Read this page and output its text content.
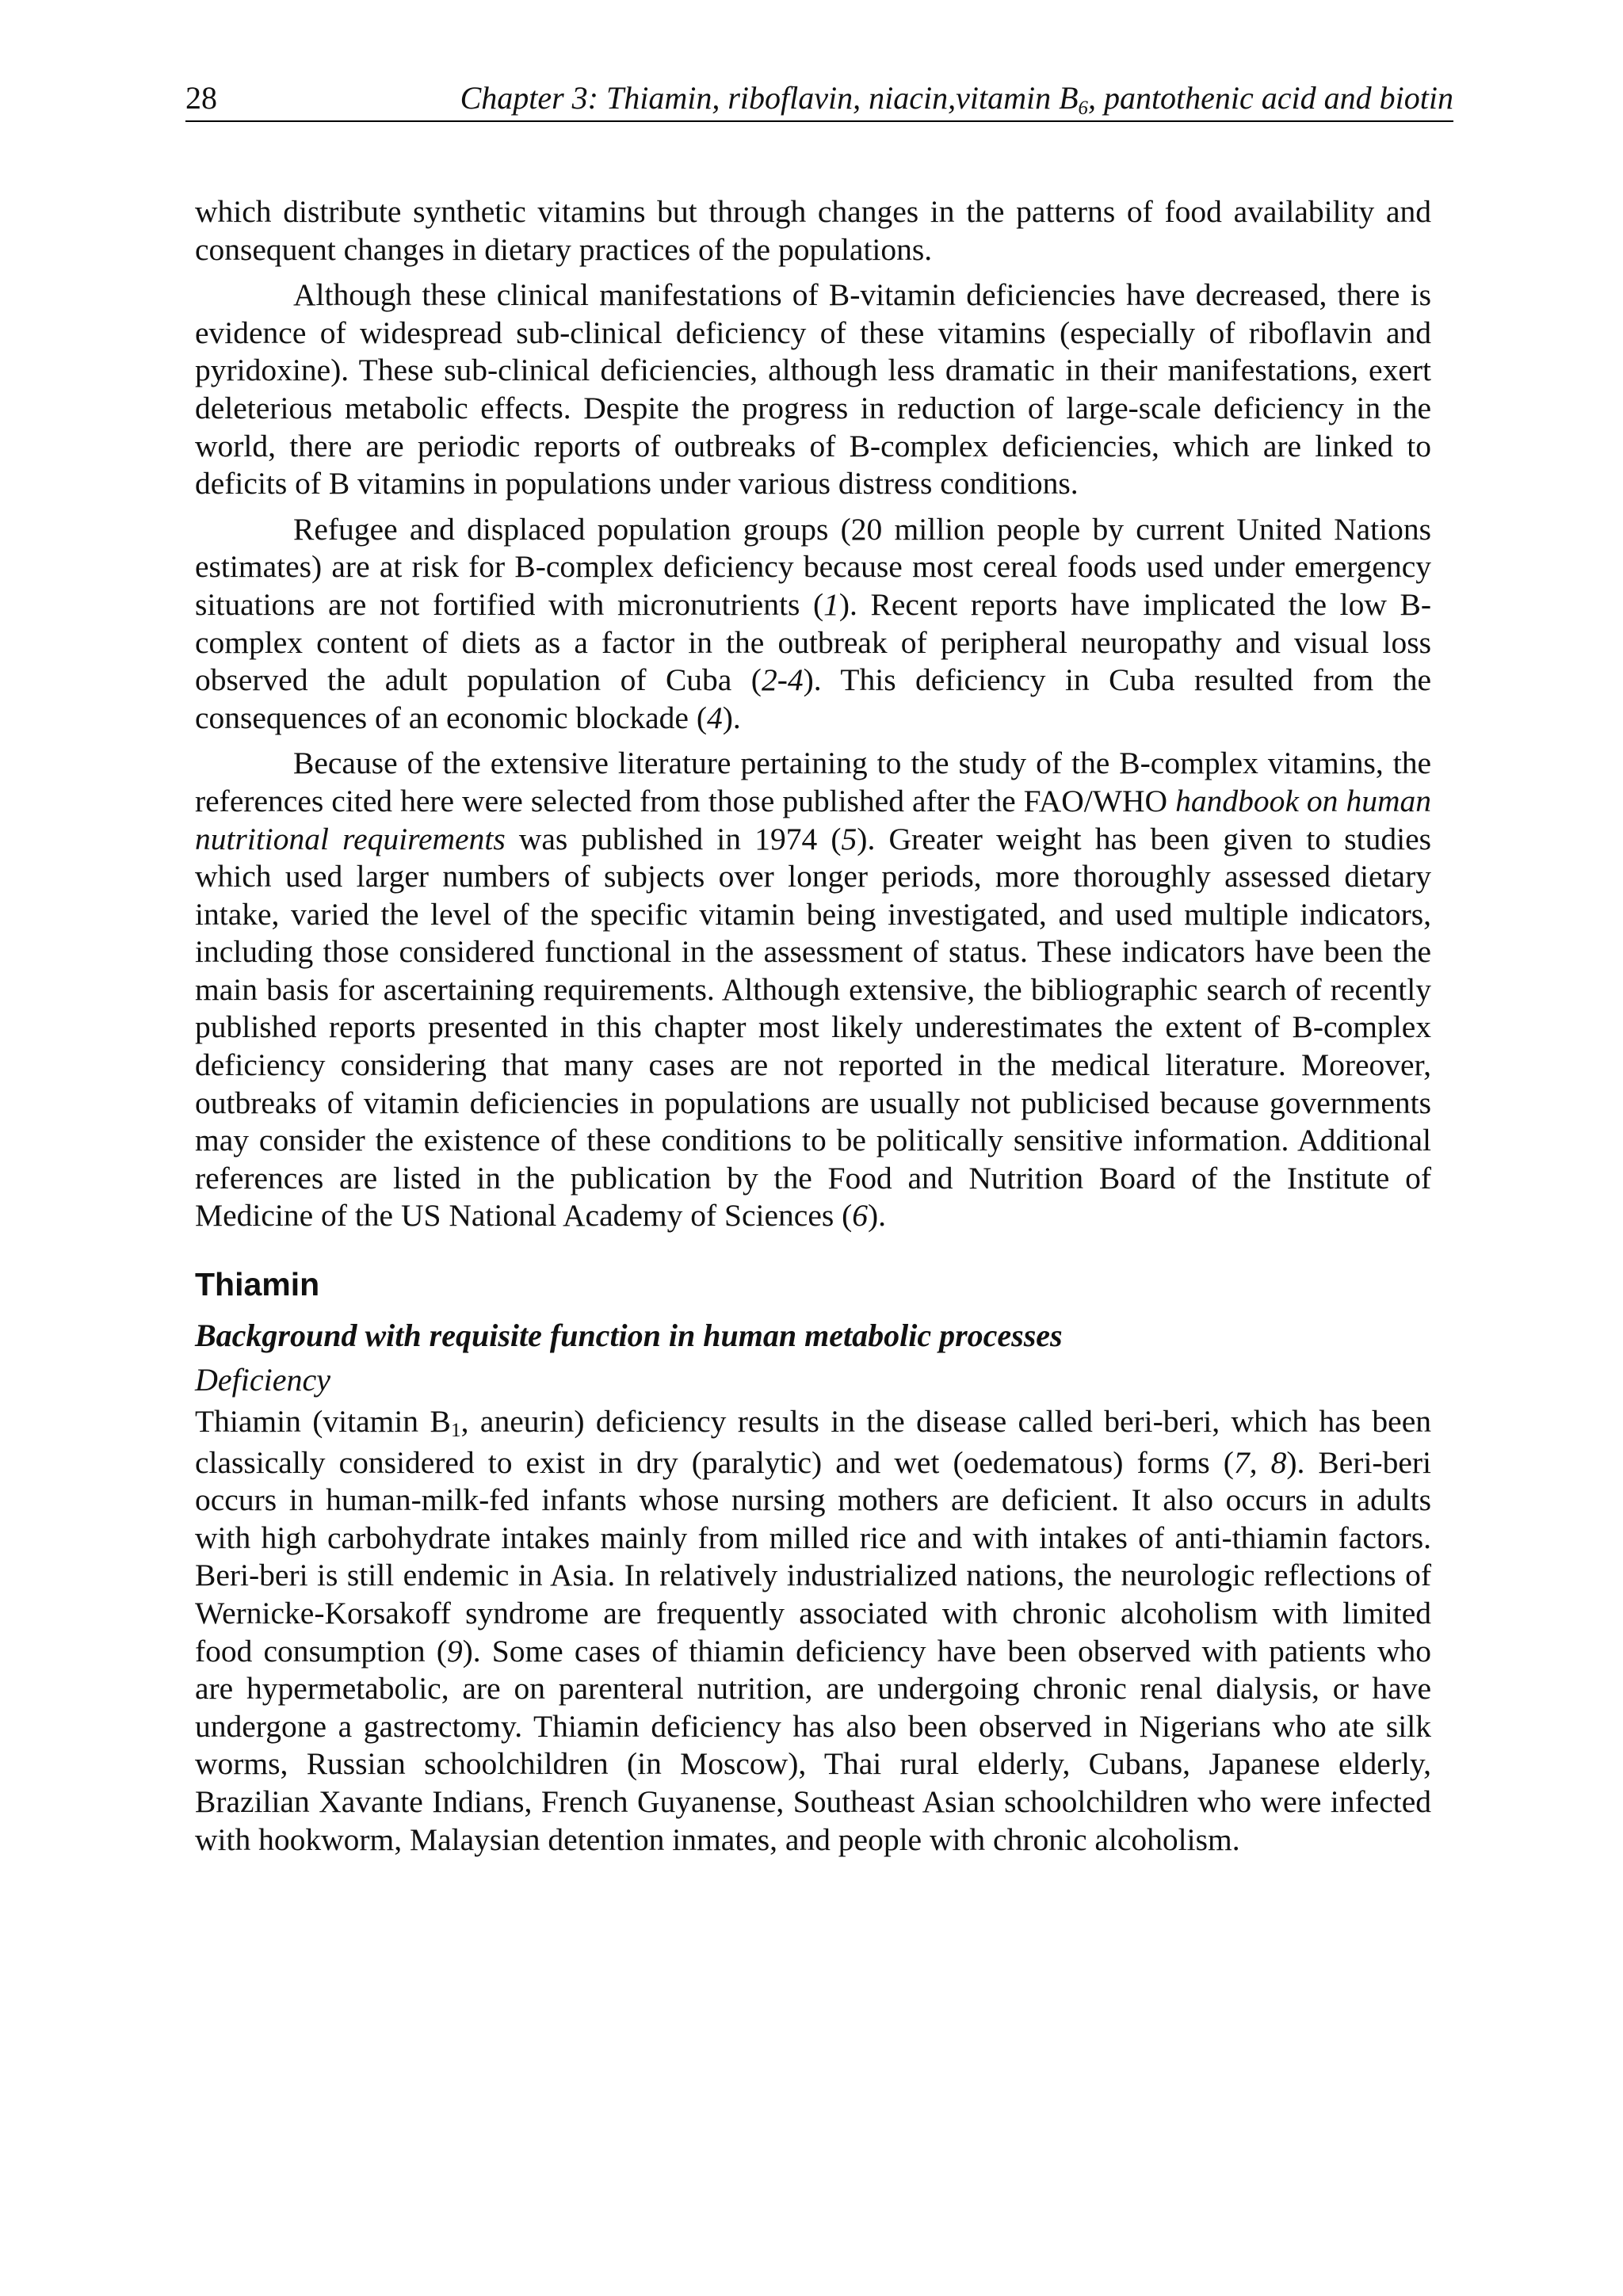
28	Chapter 3: Thiamin, riboflavin, niacin,vitamin $B_6$, pantothenic acid and biotin

which distribute synthetic vitamins but through changes in the patterns of food availability and consequent changes in dietary practices of the populations.

Although these clinical manifestations of B-vitamin deficiencies have decreased, there is evidence of widespread sub-clinical deficiency of these vitamins (especially of riboflavin and pyridoxine). These sub-clinical deficiencies, although less dramatic in their manifestations, exert deleterious metabolic effects. Despite the progress in reduction of large-scale deficiency in the world, there are periodic reports of outbreaks of B-complex deficiencies, which are linked to deficits of B vitamins in populations under various distress conditions.

Refugee and displaced population groups (20 million people by current United Nations estimates) are at risk for B-complex deficiency because most cereal foods used under emergency situations are not fortified with micronutrients (1). Recent reports have implicated the low B-complex content of diets as a factor in the outbreak of peripheral neuropathy and visual loss observed the adult population of Cuba (2-4). This deficiency in Cuba resulted from the consequences of an economic blockade (4).

Because of the extensive literature pertaining to the study of the B-complex vitamins, the references cited here were selected from those published after the FAO/WHO handbook on human nutritional requirements was published in 1974 (5). Greater weight has been given to studies which used larger numbers of subjects over longer periods, more thoroughly assessed dietary intake, varied the level of the specific vitamin being investigated, and used multiple indicators, including those considered functional in the assessment of status. These indicators have been the main basis for ascertaining requirements. Although extensive, the bibliographic search of recently published reports presented in this chapter most likely underestimates the extent of B-complex deficiency considering that many cases are not reported in the medical literature. Moreover, outbreaks of vitamin deficiencies in populations are usually not publicised because governments may consider the existence of these conditions to be politically sensitive information. Additional references are listed in the publication by the Food and Nutrition Board of the Institute of Medicine of the US National Academy of Sciences (6).

Thiamin
Background with requisite function in human metabolic processes
Deficiency

Thiamin (vitamin B1, aneurin) deficiency results in the disease called beri-beri, which has been classically considered to exist in dry (paralytic) and wet (oedematous) forms (7, 8). Beri-beri occurs in human-milk-fed infants whose nursing mothers are deficient. It also occurs in adults with high carbohydrate intakes mainly from milled rice and with intakes of anti-thiamin factors. Beri-beri is still endemic in Asia. In relatively industrialized nations, the neurologic reflections of Wernicke-Korsakoff syndrome are frequently associated with chronic alcoholism with limited food consumption (9). Some cases of thiamin deficiency have been observed with patients who are hypermetabolic, are on parenteral nutrition, are undergoing chronic renal dialysis, or have undergone a gastrectomy. Thiamin deficiency has also been observed in Nigerians who ate silk worms, Russian schoolchildren (in Moscow), Thai rural elderly, Cubans, Japanese elderly, Brazilian Xavante Indians, French Guyanense, Southeast Asian schoolchildren who were infected with hookworm, Malaysian detention inmates, and people with chronic alcoholism.
